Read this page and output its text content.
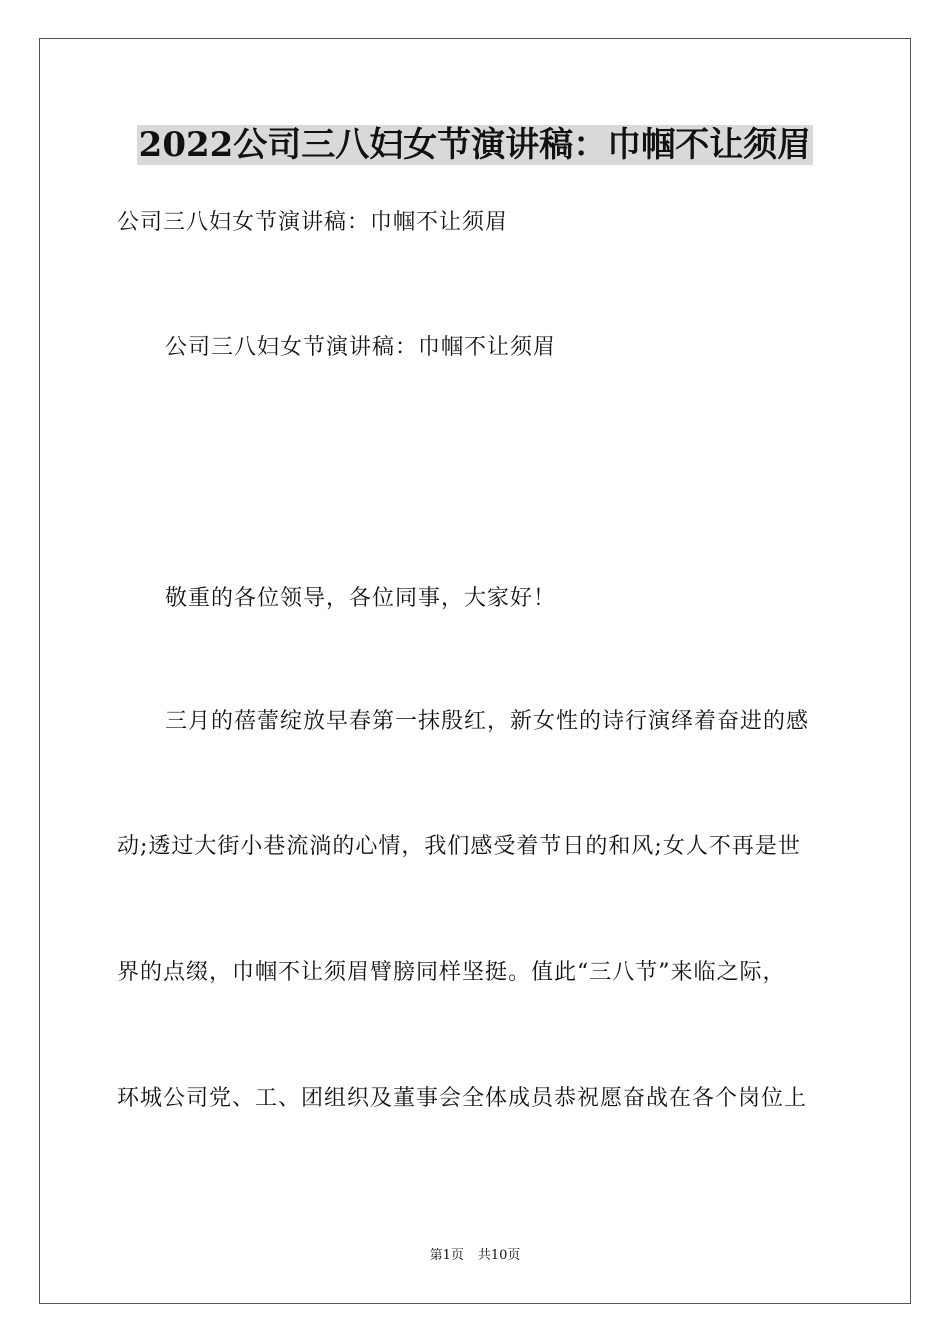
2022公司三八妇女节演讲稿：巾帼不让须眉

公司三八妇女节演讲稿：巾帼不让须眉

公司三八妇女节演讲稿：巾帼不让须眉

敬重的各位领导，各位同事，大家好！

三月的蓓蕾绽放早春第一抹殷红，新女性的诗行演绎着奋进的感

动;透过大街小巷流淌的心情，我们感受着节日的和风;女人不再是世

界的点缀，巾帼不让须眉臂膀同样坚挺。值此“三八节”来临之际，

环城公司党、工、团组织及董事会全体成员恭祝愿奋战在各个岗位上

第1页 共10页
